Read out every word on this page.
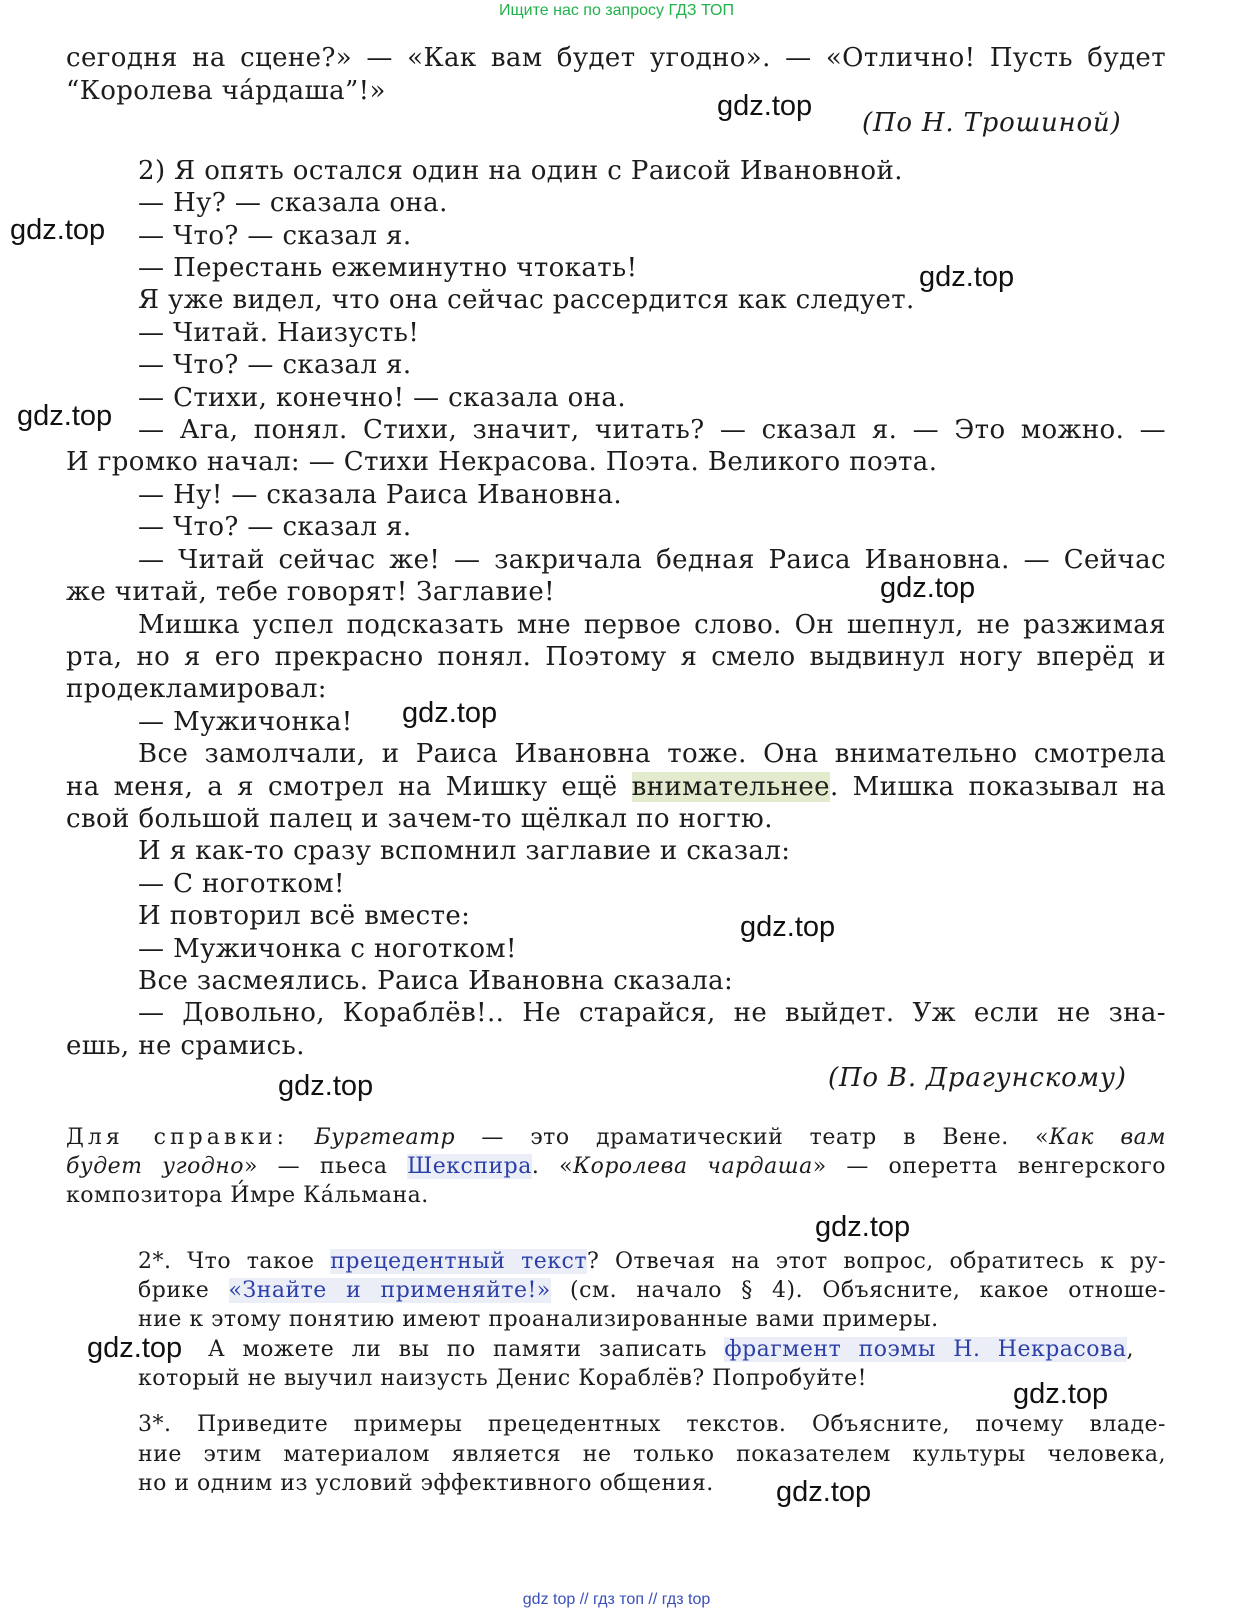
Ищите нас по запросу ГДЗ ТОП
сегодня на сцене?» — «Как вам будет угодно». — «Отлично! Пусть будет
“Королева ча́рдаша”!»
(По Н. Трошиной)
2) Я опять остался один на один с Раисой Ивановной.
— Ну? — сказала она.
— Что? — сказал я.
— Перестань ежеминутно чтокать!
Я уже видел, что она сейчас рассердится как следует.
— Читай. Наизусть!
— Что? — сказал я.
— Стихи, конечно! — сказала она.
— Ага, понял. Стихи, значит, читать? — сказал я. — Это можно. —
И громко начал: — Стихи Некрасова. Поэта. Великого поэта.
— Ну! — сказала Раиса Ивановна.
— Что? — сказал я.
— Читай сейчас же! — закричала бедная Раиса Ивановна. — Сейчас
же читай, тебе говорят! Заглавие!
Мишка успел подсказать мне первое слово. Он шепнул, не разжимая
рта, но я его прекрасно понял. Поэтому я смело выдвинул ногу вперёд и
продекламировал:
— Мужичонка!
Все замолчали, и Раиса Ивановна тоже. Она внимательно смотрела
на меня, а я смотрел на Мишку ещё внимательнее. Мишка показывал на
свой большой палец и зачем-то щёлкал по ногтю.
И я как-то сразу вспомнил заглавие и сказал:
— С ноготком!
И повторил всё вместе:
— Мужичонка с ноготком!
Все засмеялись. Раиса Ивановна сказала:
— Довольно, Кораблёв!.. Не старайся, не выйдет. Уж если не зна-
ешь, не срамись.
(По В. Драгунскому)
Для справки: Бургтеатр — это драматический театр в Вене. «Как вам
будет угодно» — пьеса Шекспира. «Королева чардаша» — оперетта венгерского
композитора И́мре Ка́льмана.
2*. Что такое прецедентный текст? Отвечая на этот вопрос, обратитесь к ру-
брике «Знайте и применяйте!» (см. начало § 4). Объясните, какое отноше-
ние к этому понятию имеют проанализированные вами примеры.
А можете ли вы по памяти записать фрагмент поэмы Н. Некрасова,
который не выучил наизусть Денис Кораблёв? Попробуйте!
3*. Приведите примеры прецедентных текстов. Объясните, почему владе-
ние этим материалом является не только показателем культуры человека,
но и одним из условий эффективного общения.
gdz.top
gdz.top
gdz.top
gdz.top
gdz.top
gdz.top
gdz.top
gdz.top
gdz.top
gdz.top
gdz.top
gdz.top
gdz top // гдз топ // гдз top
